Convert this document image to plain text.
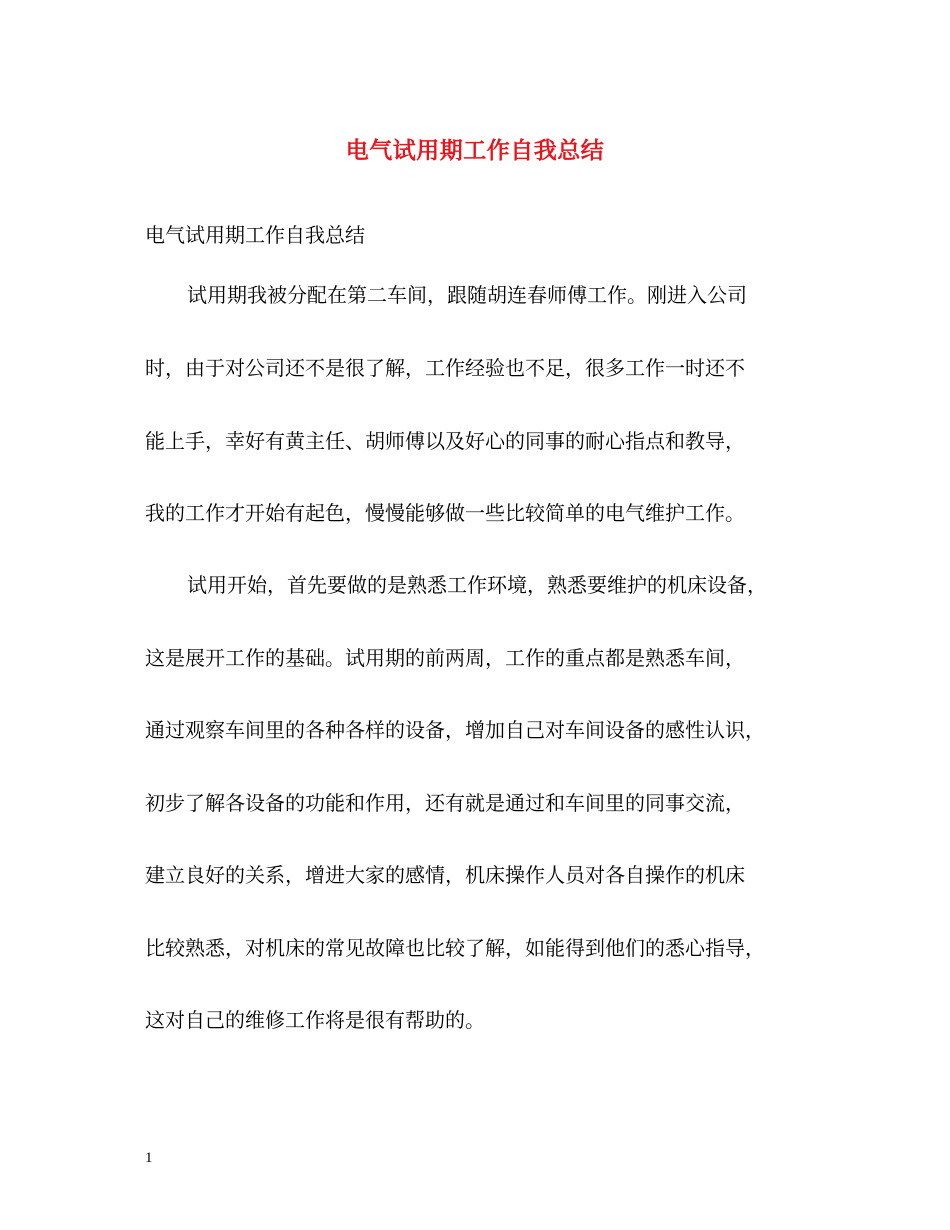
电气试用期工作自我总结
电气试用期工作自我总结
试用期我被分配在第二车间，跟随胡连春师傅工作。刚进入公司
时，由于对公司还不是很了解，工作经验也不足，很多工作一时还不
能上手，幸好有黄主任、胡师傅以及好心的同事的耐心指点和教导，
我的工作才开始有起色，慢慢能够做一些比较简单的电气维护工作。
试用开始，首先要做的是熟悉工作环境，熟悉要维护的机床设备，
这是展开工作的基础。试用期的前两周，工作的重点都是熟悉车间，
通过观察车间里的各种各样的设备，增加自己对车间设备的感性认识，
初步了解各设备的功能和作用，还有就是通过和车间里的同事交流，
建立良好的关系，增进大家的感情，机床操作人员对各自操作的机床
比较熟悉，对机床的常见故障也比较了解，如能得到他们的悉心指导，
这对自己的维修工作将是很有帮助的。
1
